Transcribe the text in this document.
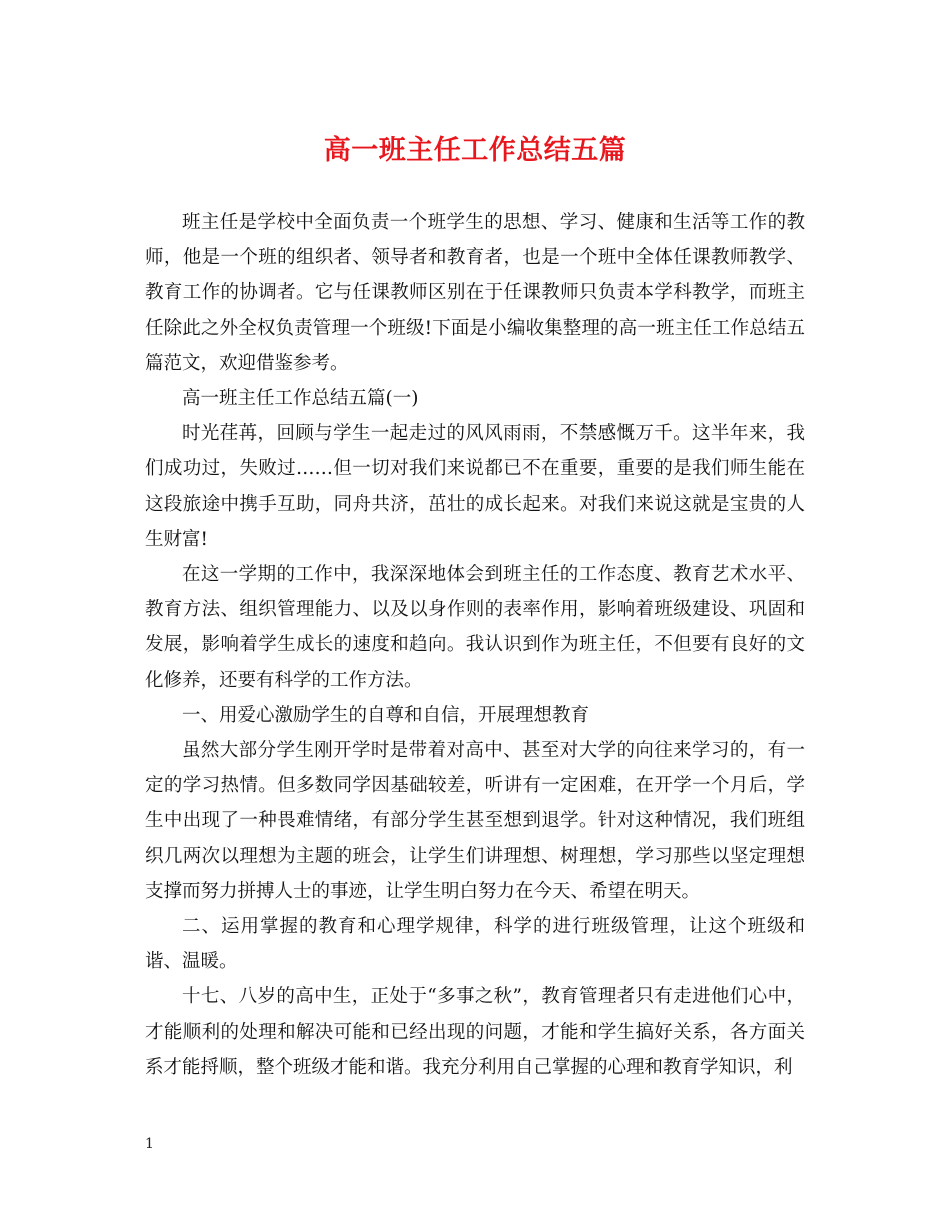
高一班主任工作总结五篇

班主任是学校中全面负责一个班学生的思想、学习、健康和生活等工作的教师，他是一个班的组织者、领导者和教育者，也是一个班中全体任课教师教学、教育工作的协调者。它与任课教师区别在于任课教师只负责本学科教学，而班主任除此之外全权负责管理一个班级!下面是小编收集整理的高一班主任工作总结五篇范文，欢迎借鉴参考。

高一班主任工作总结五篇(一)

时光荏苒，回顾与学生一起走过的风风雨雨，不禁感慨万千。这半年来，我们成功过，失败过……但一切对我们来说都已不在重要，重要的是我们师生能在这段旅途中携手互助，同舟共济，茁壮的成长起来。对我们来说这就是宝贵的人生财富!

在这一学期的工作中，我深深地体会到班主任的工作态度、教育艺术水平、教育方法、组织管理能力、以及以身作则的表率作用，影响着班级建设、巩固和发展，影响着学生成长的速度和趋向。我认识到作为班主任，不但要有良好的文化修养，还要有科学的工作方法。

一、用爱心激励学生的自尊和自信，开展理想教育

虽然大部分学生刚开学时是带着对高中、甚至对大学的向往来学习的，有一定的学习热情。但多数同学因基础较差，听讲有一定困难，在开学一个月后，学生中出现了一种畏难情绪，有部分学生甚至想到退学。针对这种情况，我们班组织几两次以理想为主题的班会，让学生们讲理想、树理想，学习那些以坚定理想支撑而努力拼搏人士的事迹，让学生明白努力在今天、希望在明天。

二、运用掌握的教育和心理学规律，科学的进行班级管理，让这个班级和谐、温暖。

十七、八岁的高中生，正处于“多事之秋”，教育管理者只有走进他们心中，才能顺利的处理和解决可能和已经出现的问题，才能和学生搞好关系，各方面关系才能捋顺，整个班级才能和谐。我充分利用自己掌握的心理和教育学知识，利

1
